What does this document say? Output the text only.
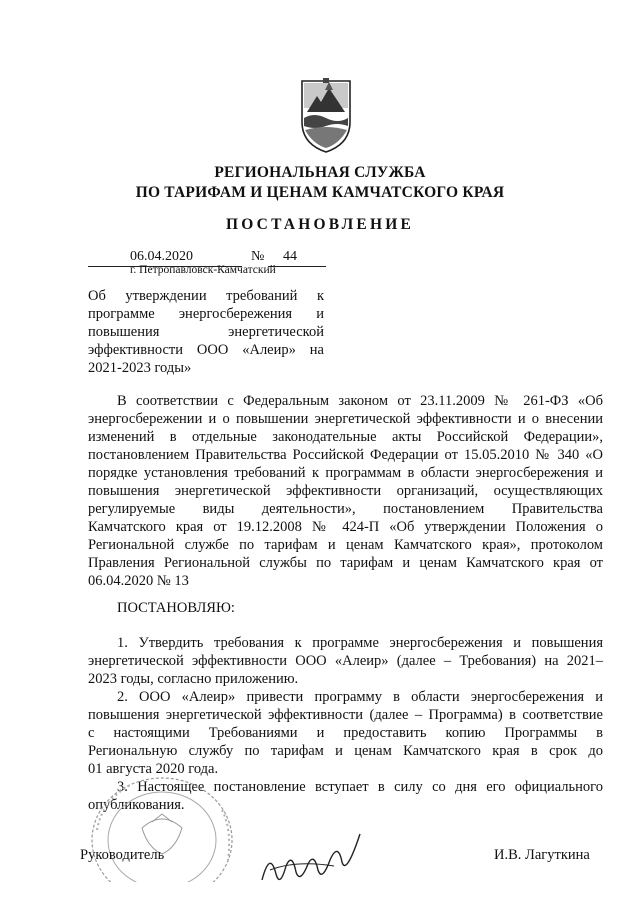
РЕГИОНАЛЬНАЯ СЛУЖБА
ПО ТАРИФАМ И ЦЕНАМ КАМЧАТСКОГО КРАЯ
ПОСТАНОВЛЕНИЕ
06.04.2020	№ 44
г. Петропавловск-Камчатский
Об утверждении требований к программе энергосбережения и повышения энергетической эффективности ООО «Алеир» на 2021-2023 годы»
В соответствии с Федеральным законом от 23.11.2009 № 261-ФЗ «Об
энергосбережении и о повышении энергетической эффективности и о внесении
изменений в отдельные законодательные акты Российской Федерации»,
постановлением Правительства Российской Федерации от 15.05.2010 № 340 «О
порядке установления требований к программам в области энергосбережения и
повышения энергетической эффективности организаций, осуществляющих
регулируемые виды деятельности», постановлением Правительства
Камчатского края от 19.12.2008 № 424-П «Об утверждении Положения о
Региональной службе по тарифам и ценам Камчатского края», протоколом
Правления Региональной службы по тарифам и ценам Камчатского края от
06.04.2020 № 13
ПОСТАНОВЛЯЮ:
1. Утвердить требования к программе энергосбережения и повышения
энергетической эффективности ООО «Алеир» (далее – Требования) на 2021–
2023 годы, согласно приложению.
2. ООО «Алеир» привести программу в области энергосбережения и
повышения энергетической эффективности (далее – Программа) в соответствие
с настоящими Требованиями и предоставить копию Программы в
Региональную службу по тарифам и ценам Камчатского края в срок до
01 августа 2020 года.
3. Настоящее постановление вступает в силу со дня его официального
опубликования.
Руководитель	И.В. Лагуткина
